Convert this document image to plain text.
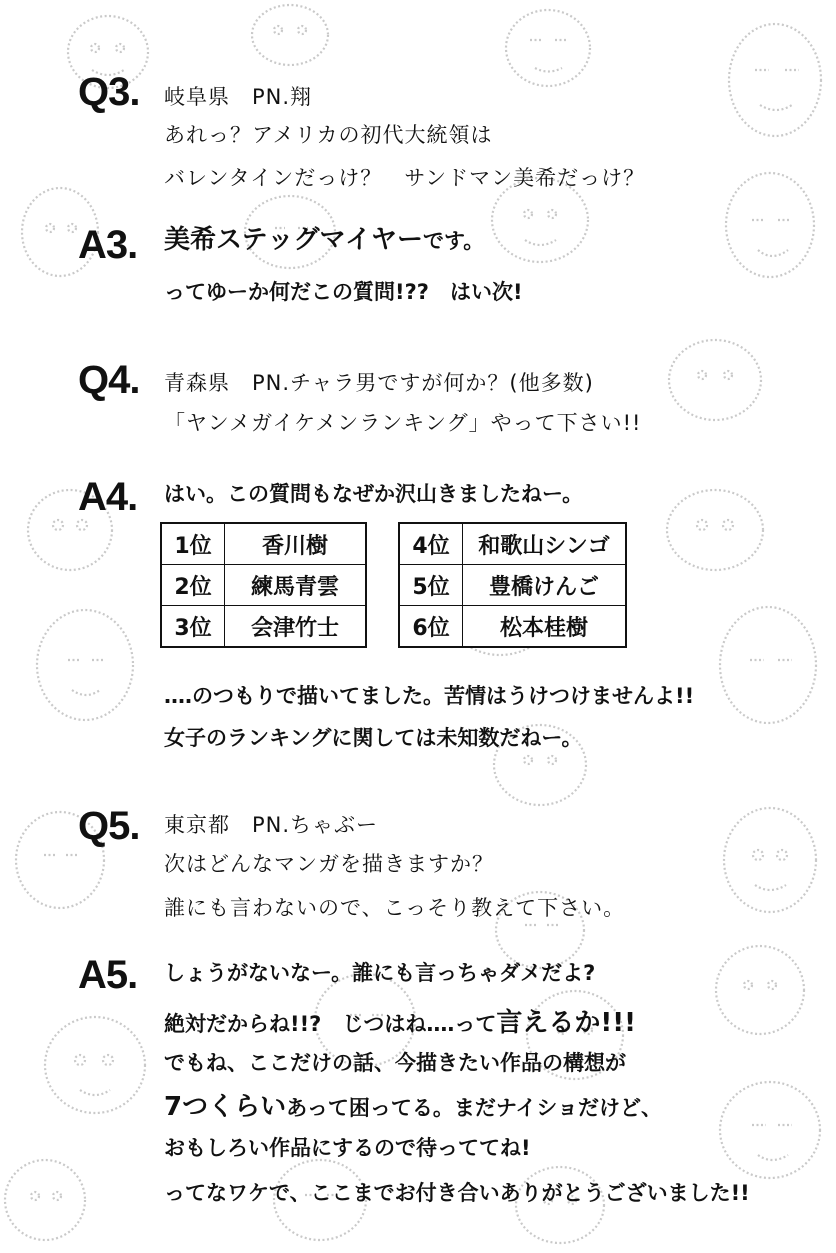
Q3. 岐阜県　PN.翔
あれっ？アメリカの初代大統領は
バレンタインだっけ？　サンドマン美希だっけ？
A3. 美希ステッグマイヤーです。
ってゆーか何だこの質問!??　はい次!
Q4. 青森県　PN.チャラ男ですが何か？(他多数)
「ヤンメガイケメンランキング」やって下さい!!
A4. はい。この質問もなぜか沢山きましたねー。
1位	香川樹
2位	練馬青雲
3位	会津竹士
4位	和歌山シンゴ
5位	豊橋けんご
6位	松本桂樹
‥‥のつもりで描いてました。苦情はうけつけませんよ!!
女子のランキングに関しては未知数だねー。
Q5. 東京都　PN.ちゃぶー
次はどんなマンガを描きますか？
誰にも言わないので、こっそり教えて下さい。
A5. しょうがないなー。誰にも言っちゃダメだよ?
絶対だからね!!?　じつはね‥‥って言えるか!!!
でもね、ここだけの話、今描きたい作品の構想が
7つくらいあって困ってる。まだナイショだけど、
おもしろい作品にするので待っててね!
ってなワケで、ここまでお付き合いありがとうございました!!
